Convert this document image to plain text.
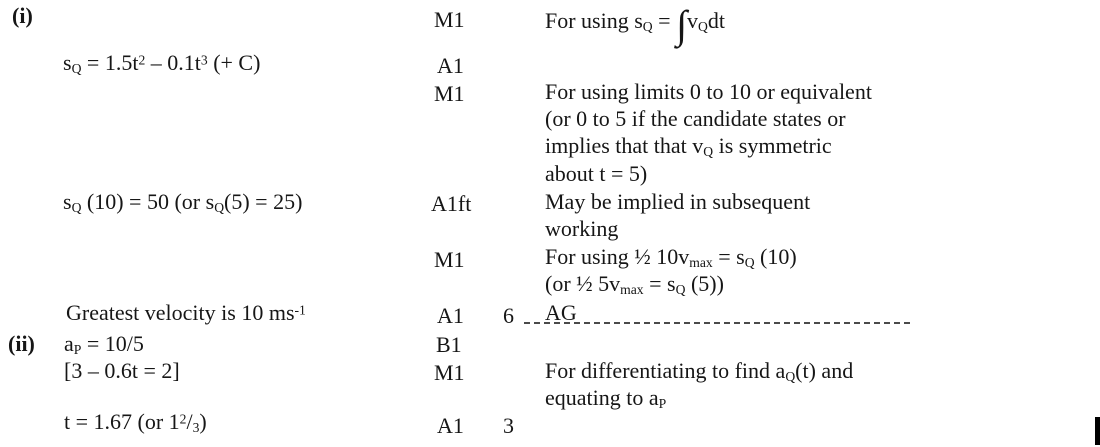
(i)
(ii)
$s_Q = 1.5t^2 - 0.1t^3$ (+ C)
$s_Q$ (10) = 50 (or $s_Q(5) = 25$)
Greatest velocity is 10 $ms^{-1}$
$a_P = 10/5$
[3 – 0.6t = 2]
t = 1.67 (or $1^2/_3$)
M1
A1
M1
A1ft
M1
A1
B1
M1
A1
6
3
For using $s_Q = \int v_Qdt$
For using limits 0 to 10 or equivalent
(or 0 to 5 if the candidate states or
implies that that $v_Q$ is symmetric
about t = 5)
May be implied in subsequent
working
For using ½ $10v_{max} = s_Q$ (10)
(or ½ $5v_{max} = s_Q$ (5))
AG
For differentiating to find $a_Q(t)$ and
equating to $a_P$
